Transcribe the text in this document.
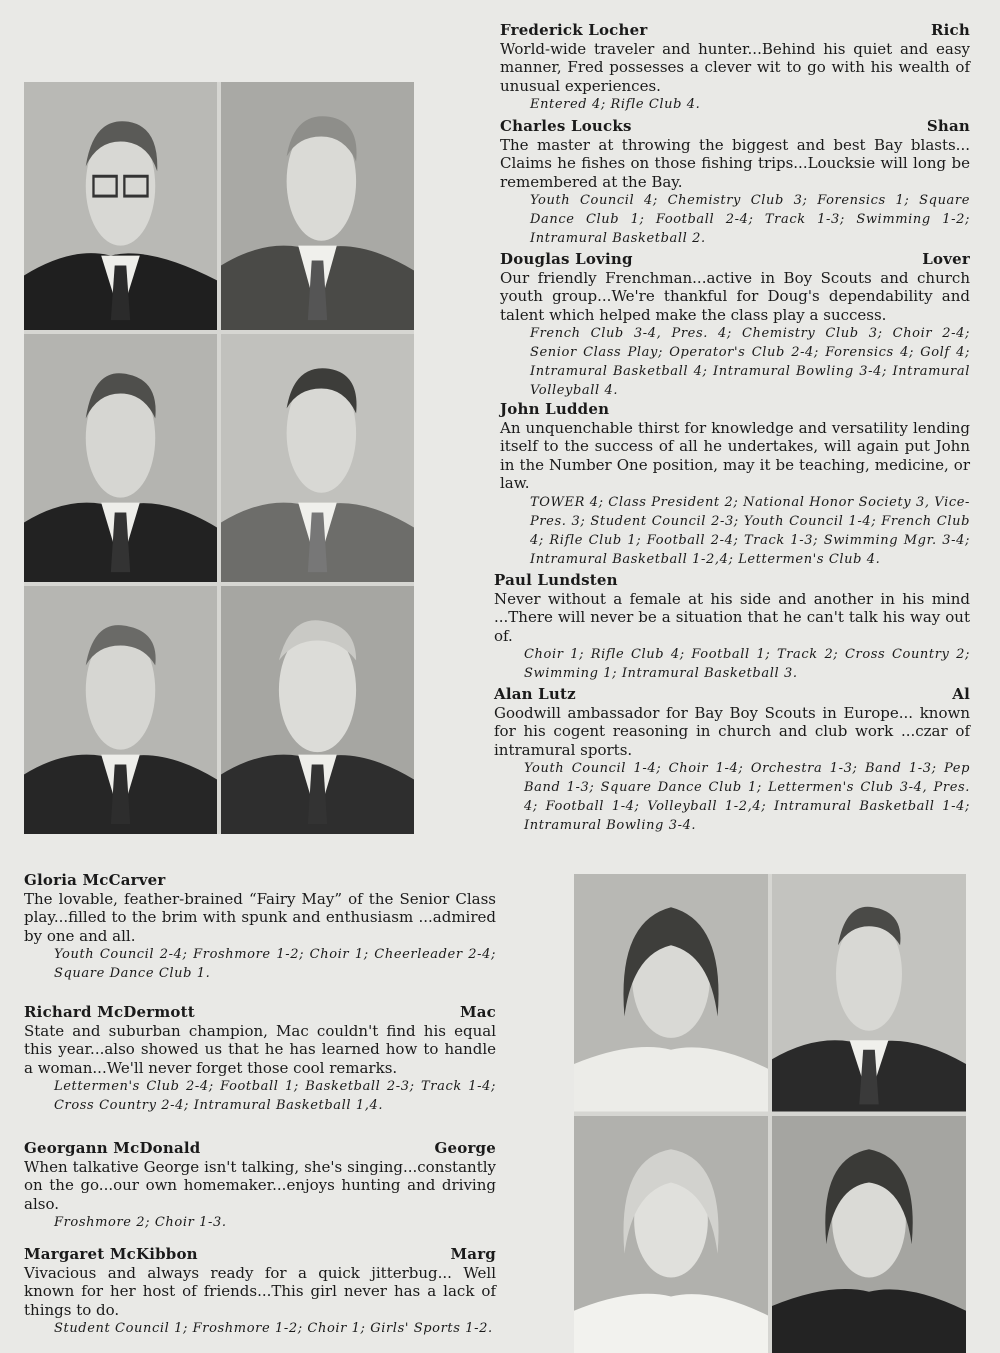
Frederick Locher	Rich
World-wide traveler and hunter...Behind his quiet and easy manner, Fred possesses a clever wit to go with his wealth of unusual experiences.
Entered 4; Rifle Club 4.
Charles Loucks	Shan
The master at throwing the biggest and best Bay blasts... Claims he fishes on those fishing trips...Loucksie will long be remembered at the Bay.
Youth Council 4; Chemistry Club 3; Forensics 1; Square Dance Club 1; Football 2-4; Track 1-3; Swimming 1-2; Intramural Basketball 2.
Douglas Loving	Lover
Our friendly Frenchman...active in Boy Scouts and church youth group...We're thankful for Doug's dependability and talent which helped make the class play a success.
French Club 3-4, Pres. 4; Chemistry Club 3; Choir 2-4; Senior Class Play; Operator's Club 2-4; Forensics 4; Golf 4; Intramural Basketball 4; Intramural Bowling 3-4; Intramural Volleyball 4.
John Ludden
An unquenchable thirst for knowledge and versatility lending itself to the success of all he undertakes, will again put John in the Number One position, may it be teaching, medicine, or law.
TOWER 4; Class President 2; National Honor Society 3, Vice-Pres. 3; Student Council 2-3; Youth Council 1-4; French Club 4; Rifle Club 1; Football 2-4; Track 1-3; Swimming Mgr. 3-4; Intramural Basketball 1-2,4; Lettermen's Club 4.
Paul Lundsten
Never without a female at his side and another in his mind ...There will never be a situation that he can't talk his way out of.
Choir 1; Rifle Club 4; Football 1; Track 2; Cross Country 2; Swimming 1; Intramural Basketball 3.
Alan Lutz	Al
Goodwill ambassador for Bay Boy Scouts in Europe... known for his cogent reasoning in church and club work ...czar of intramural sports.
Youth Council 1-4; Choir 1-4; Orchestra 1-3; Band 1-3; Pep Band 1-3; Square Dance Club 1; Lettermen's Club 3-4, Pres. 4; Football 1-4; Volleyball 1-2,4; Intramural Basketball 1-4; Intramural Bowling 3-4.
Gloria McCarver
The lovable, feather-brained “Fairy May” of the Senior Class play...filled to the brim with spunk and enthusiasm ...admired by one and all.
Youth Council 2-4; Froshmore 1-2; Choir 1; Cheerleader 2-4; Square Dance Club 1.
Richard McDermott	Mac
State and suburban champion, Mac couldn't find his equal this year...also showed us that he has learned how to handle a woman...We'll never forget those cool remarks.
Lettermen's Club 2-4; Football 1; Basketball 2-3; Track 1-4; Cross Country 2-4; Intramural Basketball 1,4.
Georgann McDonald	George
When talkative George isn't talking, she's singing...constantly on the go...our own homemaker...enjoys hunting and driving also.
Froshmore 2; Choir 1-3.
Margaret McKibbon	Marg
Vivacious and always ready for a quick jitterbug... Well known for her host of friends...This girl never has a lack of things to do.
Student Council 1; Froshmore 1-2; Choir 1; Girls' Sports 1-2.
